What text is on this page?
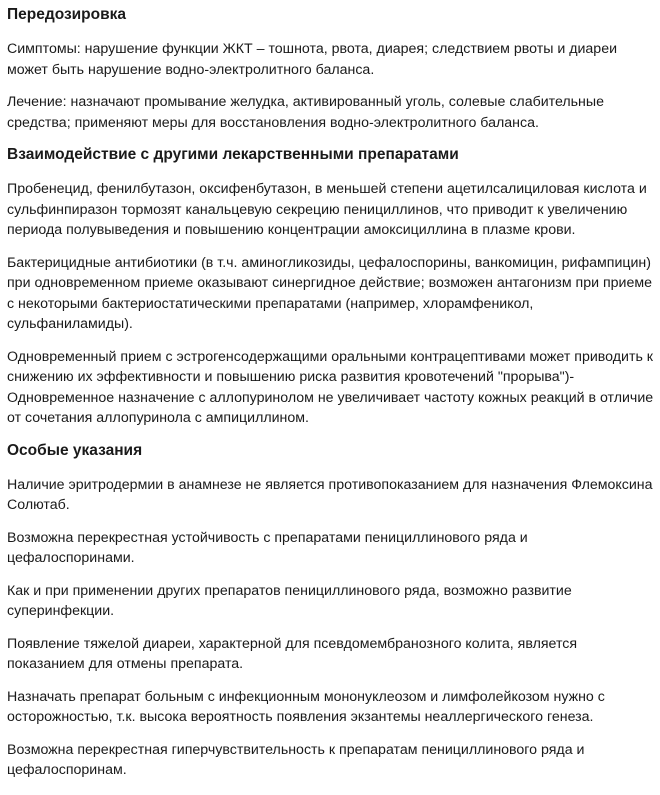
Передозировка

Симптомы: нарушение функции ЖКТ – тошнота, рвота, диарея; следствием рвоты и диареи может быть нарушение водно-электролитного баланса.

Лечение: назначают промывание желудка, активированный уголь, солевые слабительные средства; применяют меры для восстановления водно-электролитного баланса.

Взаимодействие с другими лекарственными препаратами

Пробенецид, фенилбутазон, оксифенбутазон, в меньшей степени ацетилсалициловая кислота и сульфинпиразон тормозят канальцевую секрецию пенициллинов, что приводит к увеличению периода полувыведения и повышению концентрации амоксициллина в плазме крови.

Бактерицидные антибиотики (в т.ч. аминогликозиды, цефалоспорины, ванкомицин, рифампицин) при одновременном приеме оказывают синергидное действие; возможен антагонизм при приеме с некоторыми бактериостатическими препаратами (например, хлорамфеникол, сульфаниламиды).

Одновременный прием с эстрогенсодержащими оральными контрацептивами может приводить к снижению их эффективности и повышению риска развития кровотечений "прорыва")- Одновременное назначение с аллопуринолом не увеличивает частоту кожных реакций в отличие от сочетания аллопуринола с ампициллином.

Особые указания

Наличие эритродермии в анамнезе не является противопоказанием для назначения Флемоксина Солютаб.

Возможна перекрестная устойчивость с препаратами пенициллинового ряда и цефалоспоринами.

Как и при применении других препаратов пенициллинового ряда, возможно развитие суперинфекции.

Появление тяжелой диареи, характерной для псевдомембранозного колита, является показанием для отмены препарата.

Назначать препарат больным с инфекционным мононуклеозом и лимфолейкозом нужно с осторожностью, т.к. высока вероятность появления экзантемы неаллергического генеза.

Возможна перекрестная гиперчувствительность к препаратам пенициллинового ряда и цефалоспоринам.
